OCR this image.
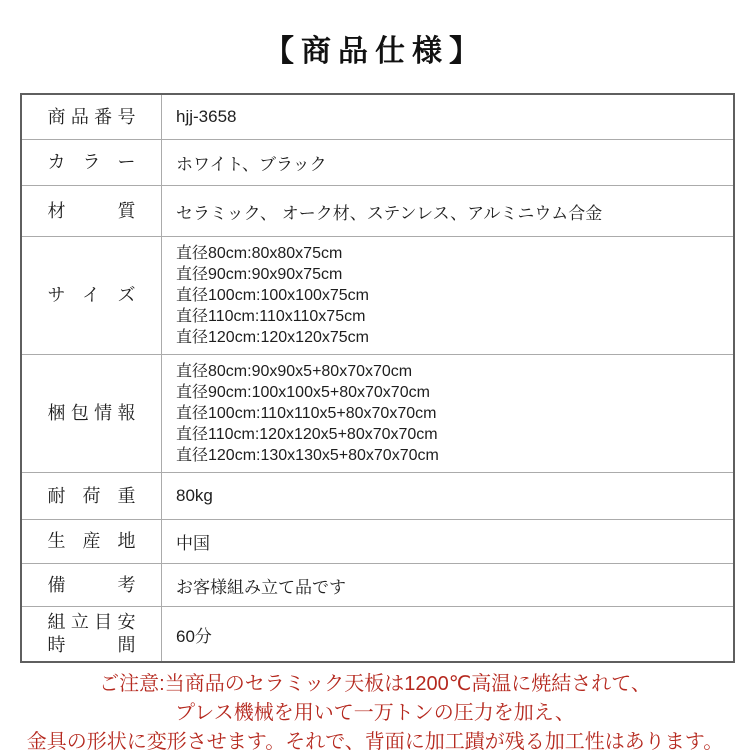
【商品仕様】
商品番号 hjj-3658
カラー ホワイト、ブラック
材質 セラミック、 オーク材、ステンレス、アルミニウム合金
サイズ
直径80cm:80x80x75cm
直径90cm:90x90x75cm
直径100cm:100x100x75cm
直径110cm:110x110x75cm
直径120cm:120x120x75cm
梱包情報
直径80cm:90x90x5+80x70x70cm
直径90cm:100x100x5+80x70x70cm
直径100cm:110x110x5+80x70x70cm
直径110cm:120x120x5+80x70x70cm
直径120cm:130x130x5+80x70x70cm
耐荷重 80kg
生産地 中国
備考 お客様組み立て品です
組立目安時間 60分
ご注意:当商品のセラミック天板は1200℃高温に焼結されて、
プレス機械を用いて一万トンの圧力を加え、
金具の形状に変形させます。それで、背面に加工蹟が残る加工性はあります。
